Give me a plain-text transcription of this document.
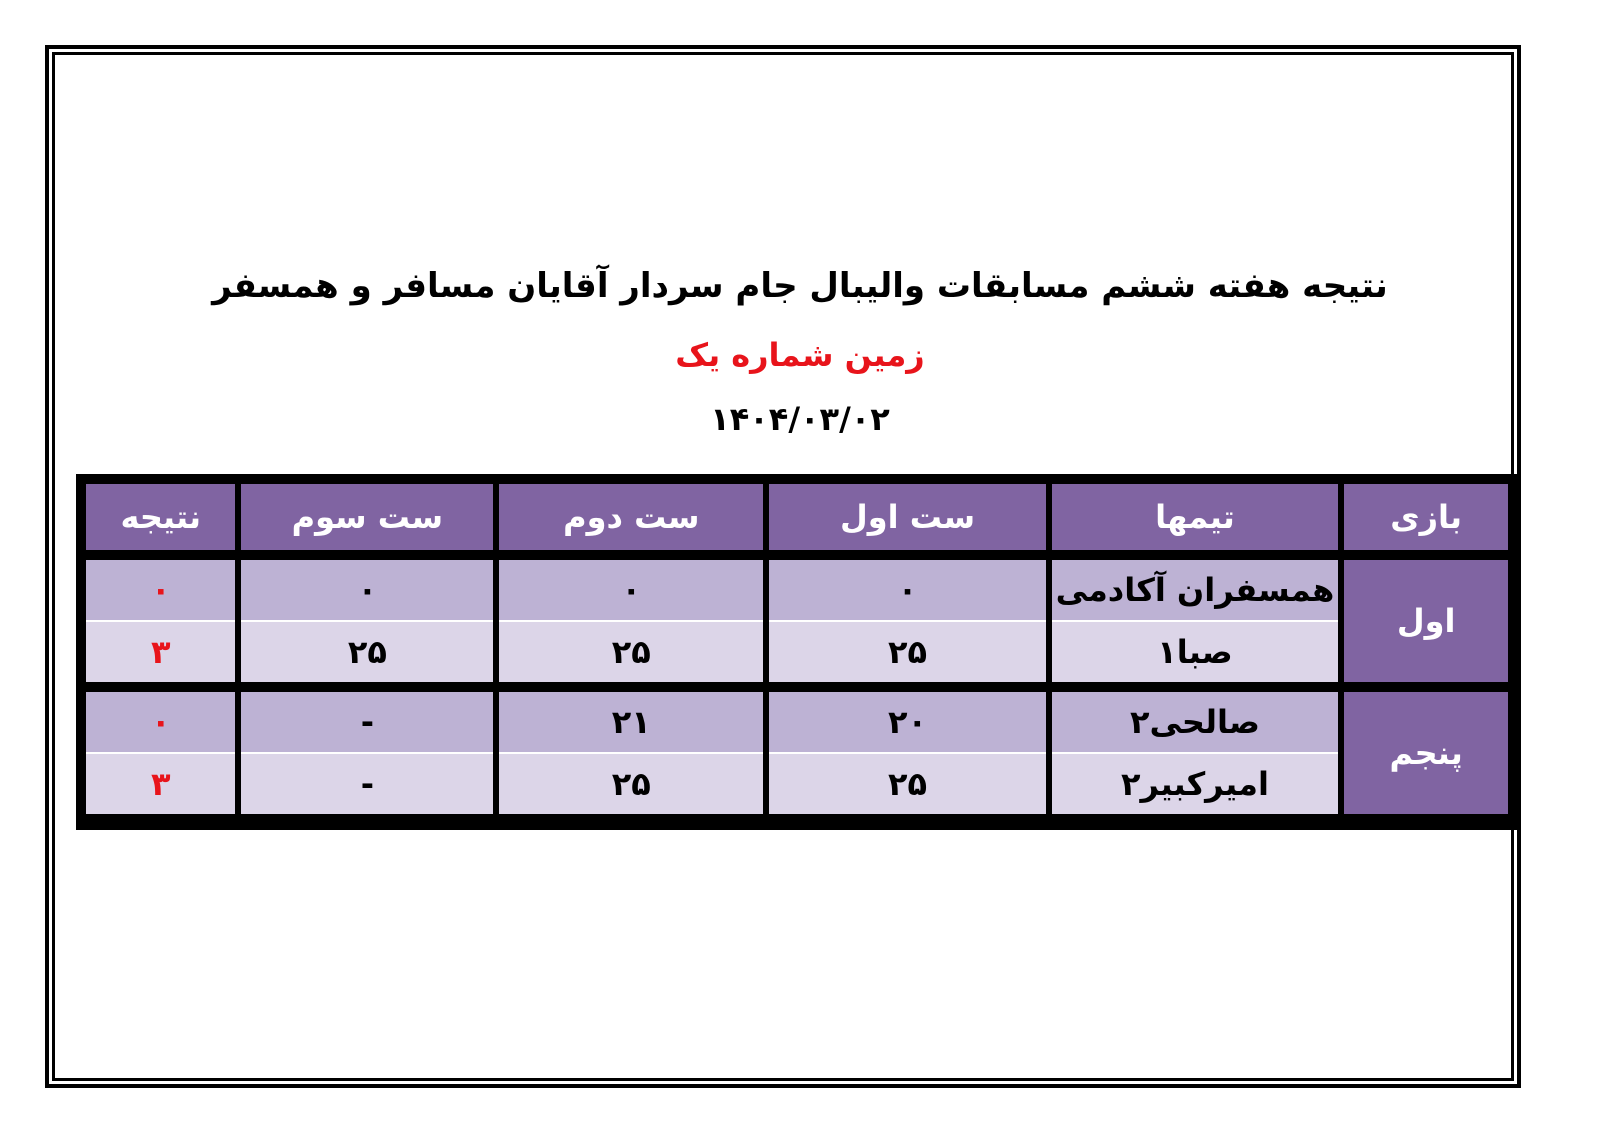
نتیجه هفته ششم مسابقات والیبال جام سردار آقایان مسافر و همسفر
زمین شماره یک
۱۴۰۴/۰۳/۰۲
بازی	تیمها	ست اول	ست دوم	ست سوم	نتیجه

اول	همسفران آکادمی	۰	۰	۰	۰
	صبا۱	۲۵	۲۵	۲۵	۳

پنجم	صالحی۲	۲۰	۲۱	-	۰
	امیرکبیر۲	۲۵	۲۵	-	۳
